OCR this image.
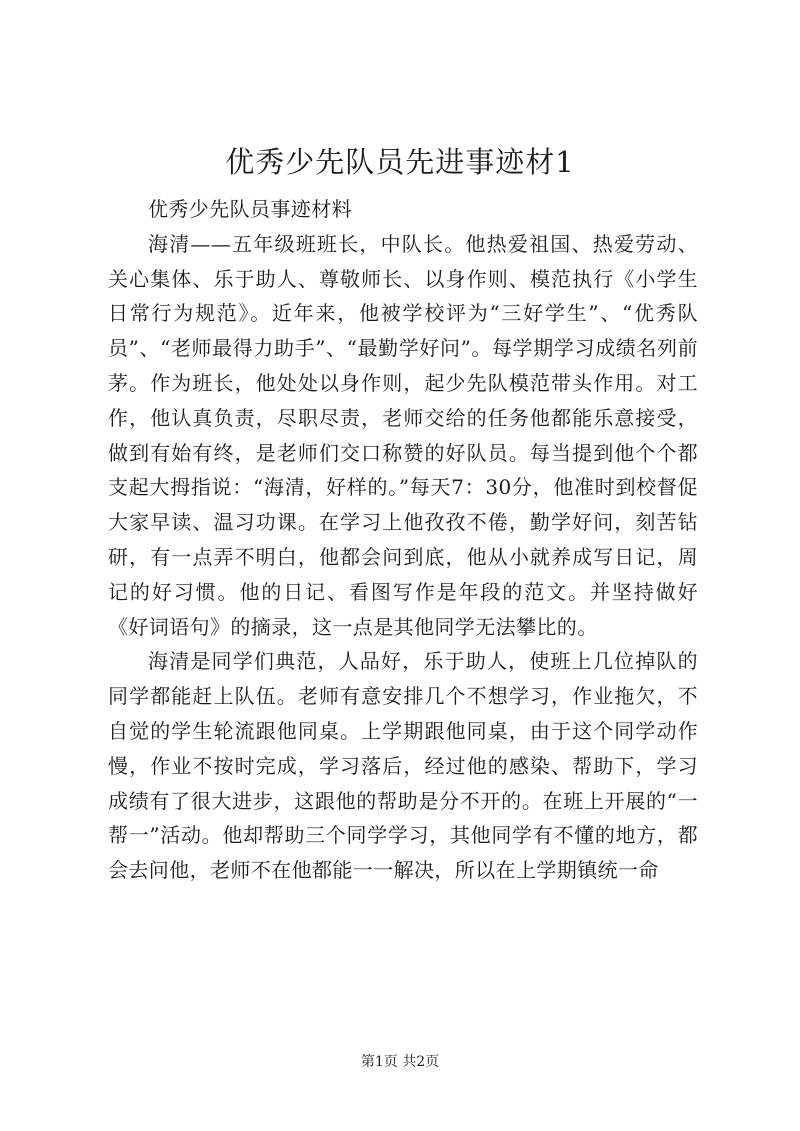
优秀少先队员先进事迹材1

优秀少先队员事迹材料

海清——五年级班班长，中队长。他热爱祖国、热爱劳动、关心集体、乐于助人、尊敬师长、以身作则、模范执行《小学生日常行为规范》。近年来，他被学校评为“三好学生”、“优秀队员”、“老师最得力助手”、“最勤学好问”。每学期学习成绩名列前茅。作为班长，他处处以身作则，起少先队模范带头作用。对工作，他认真负责，尽职尽责，老师交给的任务他都能乐意接受，做到有始有终，是老师们交口称赞的好队员。每当提到他个个都支起大拇指说：“海清，好样的。”每天7：30分，他准时到校督促大家早读、温习功课。在学习上他孜孜不倦，勤学好问，刻苦钻研，有一点弄不明白，他都会问到底，他从小就养成写日记，周记的好习惯。他的日记、看图写作是年段的范文。并坚持做好《好词语句》的摘录，这一点是其他同学无法攀比的。

海清是同学们典范，人品好，乐于助人，使班上几位掉队的同学都能赶上队伍。老师有意安排几个不想学习，作业拖欠，不自觉的学生轮流跟他同桌。上学期跟他同桌，由于这个同学动作慢，作业不按时完成，学习落后，经过他的感染、帮助下，学习成绩有了很大进步，这跟他的帮助是分不开的。在班上开展的“一帮一”活动。他却帮助三个同学学习，其他同学有不懂的地方，都会去问他，老师不在他都能一一解决，所以在上学期镇统一命

第1页 共2页
